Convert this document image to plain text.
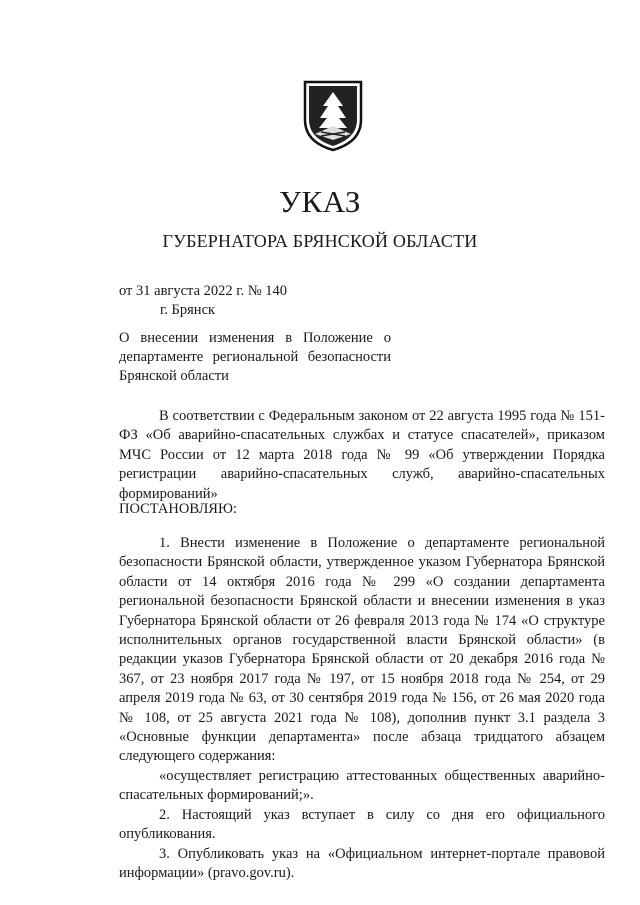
УКАЗ
ГУБЕРНАТОРА БРЯНСКОЙ ОБЛАСТИ
от 31 августа 2022 г. № 140
г. Брянск
О внесении изменения в Положение о департаменте региональной безопасности Брянской области

В соответствии с Федеральным законом от 22 августа 1995 года № 151-ФЗ «Об аварийно-спасательных службах и статусе спасателей», приказом МЧС России от 12 марта 2018 года № 99 «Об утверждении Порядка регистрации аварийно-спасательных служб, аварийно-спасательных формирований»

ПОСТАНОВЛЯЮ:

1. Внести изменение в Положение о департаменте региональной безопасности Брянской области, утвержденное указом Губернатора Брянской области от 14 октября 2016 года № 299 «О создании департамента региональной безопасности Брянской области и внесении изменения в указ Губернатора Брянской области от 26 февраля 2013 года № 174 «О структуре исполнительных органов государственной власти Брянской области» (в редакции указов Губернатора Брянской области от 20 декабря 2016 года № 367, от 23 ноября 2017 года № 197, от 15 ноября 2018 года № 254, от 29 апреля 2019 года № 63, от 30 сентября 2019 года № 156, от 26 мая 2020 года № 108, от 25 августа 2021 года № 108), дополнив пункт 3.1 раздела 3 «Основные функции департамента» после абзаца тридцатого абзацем следующего содержания:

«осуществляет регистрацию аттестованных общественных аварийно-спасательных формирований;».

2. Настоящий указ вступает в силу со дня его официального опубликования.

3. Опубликовать указ на «Официальном интернет-портале правовой информации» (pravo.gov.ru).
